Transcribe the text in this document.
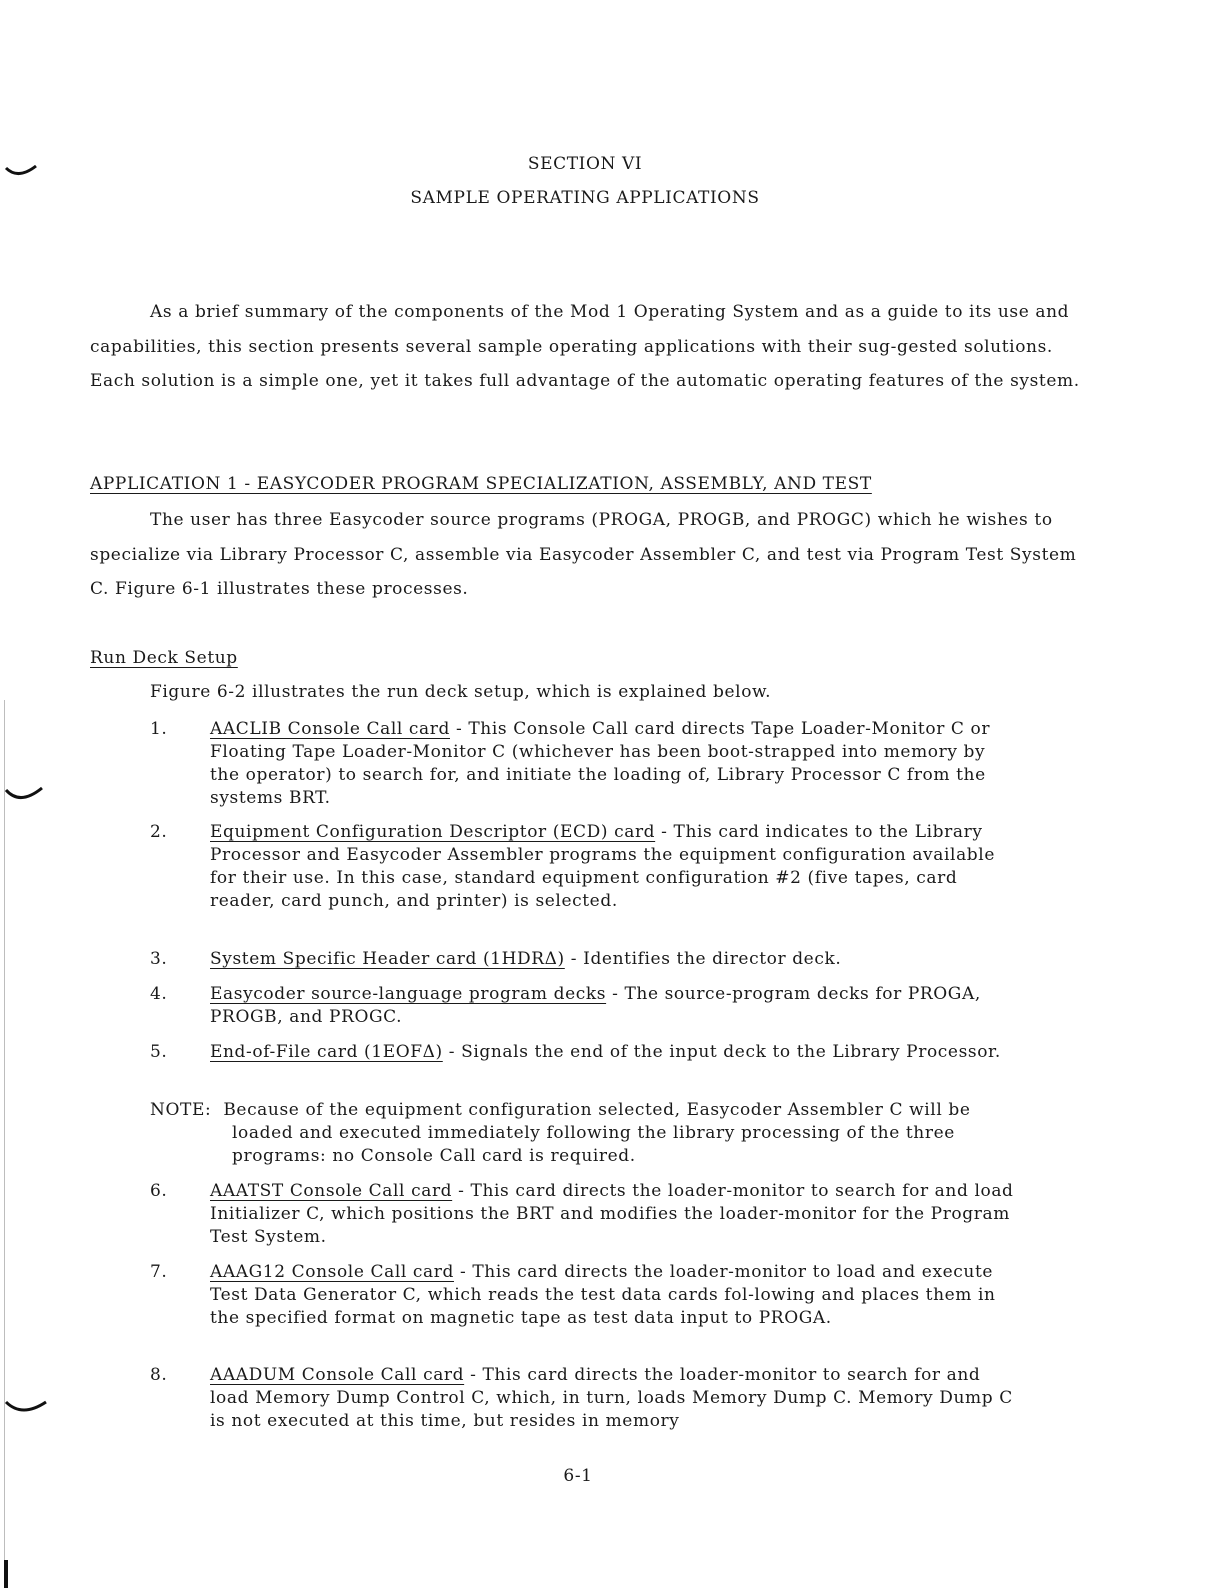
SECTION VI
SAMPLE OPERATING APPLICATIONS

As a brief summary of the components of the Mod 1 Operating System and as a guide to its use and capabilities, this section presents several sample operating applications with their sug-gested solutions. Each solution is a simple one, yet it takes full advantage of the automatic operating features of the system.

APPLICATION 1 - EASYCODER PROGRAM SPECIALIZATION, ASSEMBLY, AND TEST

The user has three Easycoder source programs (PROGA, PROGB, and PROGC) which he wishes to specialize via Library Processor C, assemble via Easycoder Assembler C, and test via Program Test System C. Figure 6-1 illustrates these processes.

Run Deck Setup
Figure 6-2 illustrates the run deck setup, which is explained below.
1.	AACLIB Console Call card - This Console Call card directs Tape Loader-Monitor C or Floating Tape Loader-Monitor C (whichever has been boot-strapped into memory by the operator) to search for, and initiate the loading of, Library Processor C from the systems BRT.
2.	Equipment Configuration Descriptor (ECD) card - This card indicates to the Library Processor and Easycoder Assembler programs the equipment configuration available for their use. In this case, standard equipment configuration #2 (five tapes, card reader, card punch, and printer) is selected.
3.	System Specific Header card (1HDRΔ) - Identifies the director deck.
4.	Easycoder source-language program decks - The source-program decks for PROGA, PROGB, and PROGC.
5.	End-of-File card (1EOFΔ) - Signals the end of the input deck to the Library Processor.
NOTE: Because of the equipment configuration selected, Easycoder Assembler C will be loaded and executed immediately following the library processing of the three programs: no Console Call card is required.
6.	AAATST Console Call card - This card directs the loader-monitor to search for and load Initializer C, which positions the BRT and modifies the loader-monitor for the Program Test System.
7.	AAAG12 Console Call card - This card directs the loader-monitor to load and execute Test Data Generator C, which reads the test data cards fol-lowing and places them in the specified format on magnetic tape as test data input to PROGA.
8.	AAADUM Console Call card - This card directs the loader-monitor to search for and load Memory Dump Control C, which, in turn, loads Memory Dump C. Memory Dump C is not executed at this time, but resides in memory
6-1
